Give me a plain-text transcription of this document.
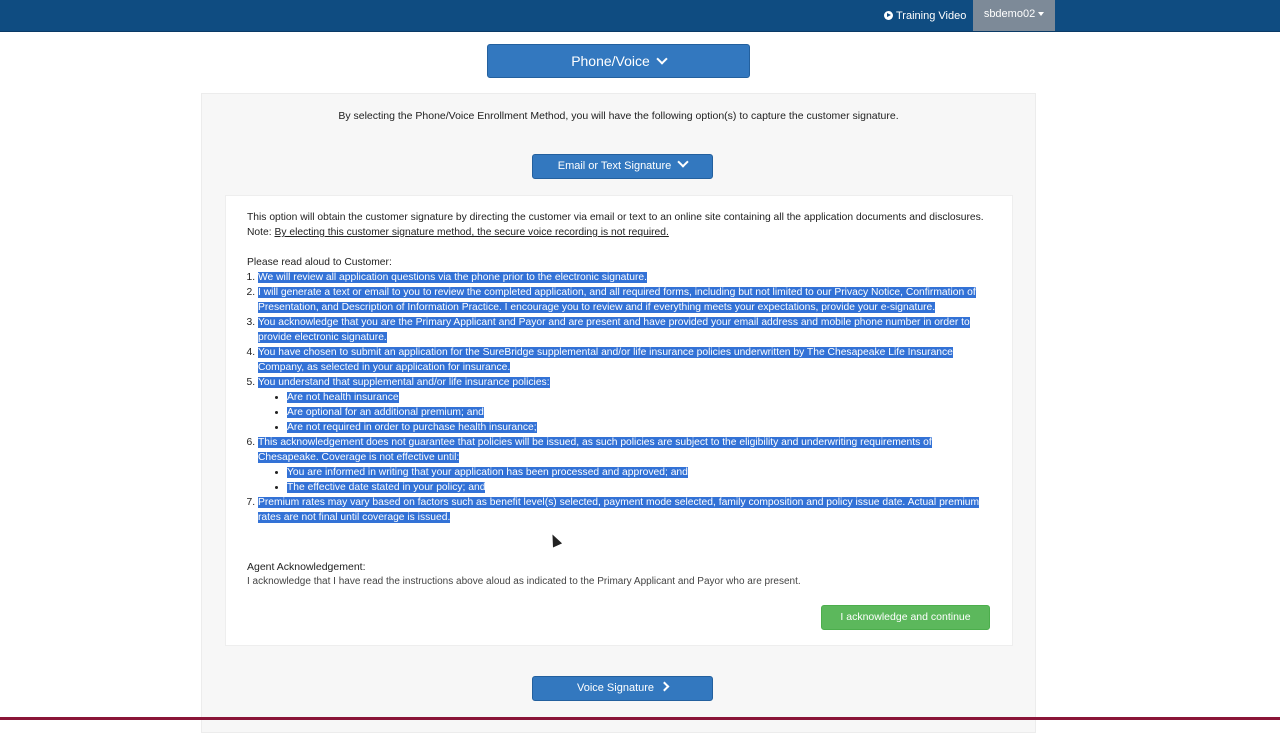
Training Video	sbdemo02
Phone/Voice
By selecting the Phone/Voice Enrollment Method, you will have the following option(s) to capture the customer signature.
Email or Text Signature

This option will obtain the customer signature by directing the customer via email or text to an online site containing all the application documents and disclosures.

Note: By electing this customer signature method, the secure voice recording is not required.

Please read aloud to Customer:

1. We will review all application questions via the phone prior to the electronic signature.
2. I will generate a text or email to you to review the completed application, and all required forms, including but not limited to our Privacy Notice, Confirmation of Presentation, and Description of Information Practice. I encourage you to review and if everything meets your expectations, provide your e-signature.
3. You acknowledge that you are the Primary Applicant and Payor and are present and have provided your email address and mobile phone number in order to provide electronic signature.
4. You have chosen to submit an application for the SureBridge supplemental and/or life insurance policies underwritten by The Chesapeake Life Insurance Company, as selected in your application for insurance.
5. You understand that supplemental and/or life insurance policies:
• Are not health insurance
• Are optional for an additional premium; and
• Are not required in order to purchase health insurance;
6. This acknowledgement does not guarantee that policies will be issued, as such policies are subject to the eligibility and underwriting requirements of Chesapeake. Coverage is not effective until:
• You are informed in writing that your application has been processed and approved; and
• The effective date stated in your policy; and
7. Premium rates may vary based on factors such as benefit level(s) selected, payment mode selected, family composition and policy issue date. Actual premium rates are not final until coverage is issued.
Agent Acknowledgement:
I acknowledge that I have read the instructions above aloud as indicated to the Primary Applicant and Payor who are present.
I acknowledge and continue
Voice Signature
